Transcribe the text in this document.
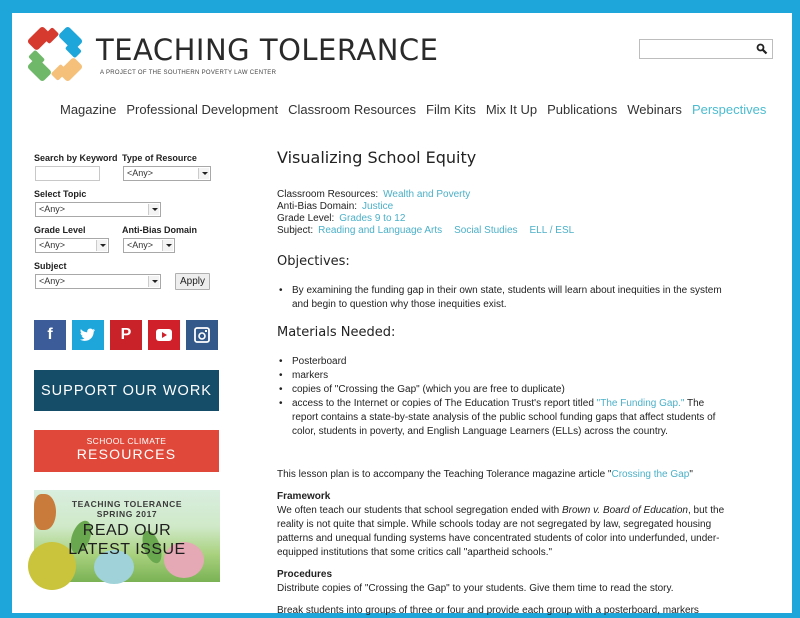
TEACHING TOLERANCE
A PROJECT OF THE SOUTHERN POVERTY LAW CENTER
Magazine Professional Development Classroom Resources Film Kits Mix It Up Publications Webinars Perspectives
Search by Keyword Type of Resource
<Any>
Select Topic
<Any>
Grade Level
<Any>
Anti-Bias Domain
<Any>
Subject
<Any>	Apply
f	P
SUPPORT OUR WORK
SCHOOL CLIMATE
RESOURCES
TEACHING TOLERANCE
SPRING 2017
READ OUR
LATEST ISSUE
Visualizing School Equity
Classroom Resources: Wealth and Poverty
Anti-Bias Domain: Justice
Grade Level: Grades 9 to 12
Subject: Reading and Language Arts Social Studies ELL / ESL
Objectives:
• By examining the funding gap in their own state, students will learn about inequities in the system and begin to question why those inequities exist.
Materials Needed:
• Posterboard
• markers
• copies of "Crossing the Gap" (which you are free to duplicate)
• access to the Internet or copies of The Education Trust's report titled "The Funding Gap." The report contains a state-by-state analysis of the public school funding gaps that affect students of color, students in poverty, and English Language Learners (ELLs) across the country.
This lesson plan is to accompany the Teaching Tolerance magazine article "Crossing the Gap"
Framework
We often teach our students that school segregation ended with Brown v. Board of Education, but the reality is not quite that simple. While schools today are not segregated by law, segregated housing patterns and unequal funding systems have concentrated students of color into underfunded, under-equipped institutions that some critics call "apartheid schools."
Procedures
Distribute copies of "Crossing the Gap" to your students. Give them time to read the story.
Break students into groups of three or four and provide each group with a posterboard, markers
